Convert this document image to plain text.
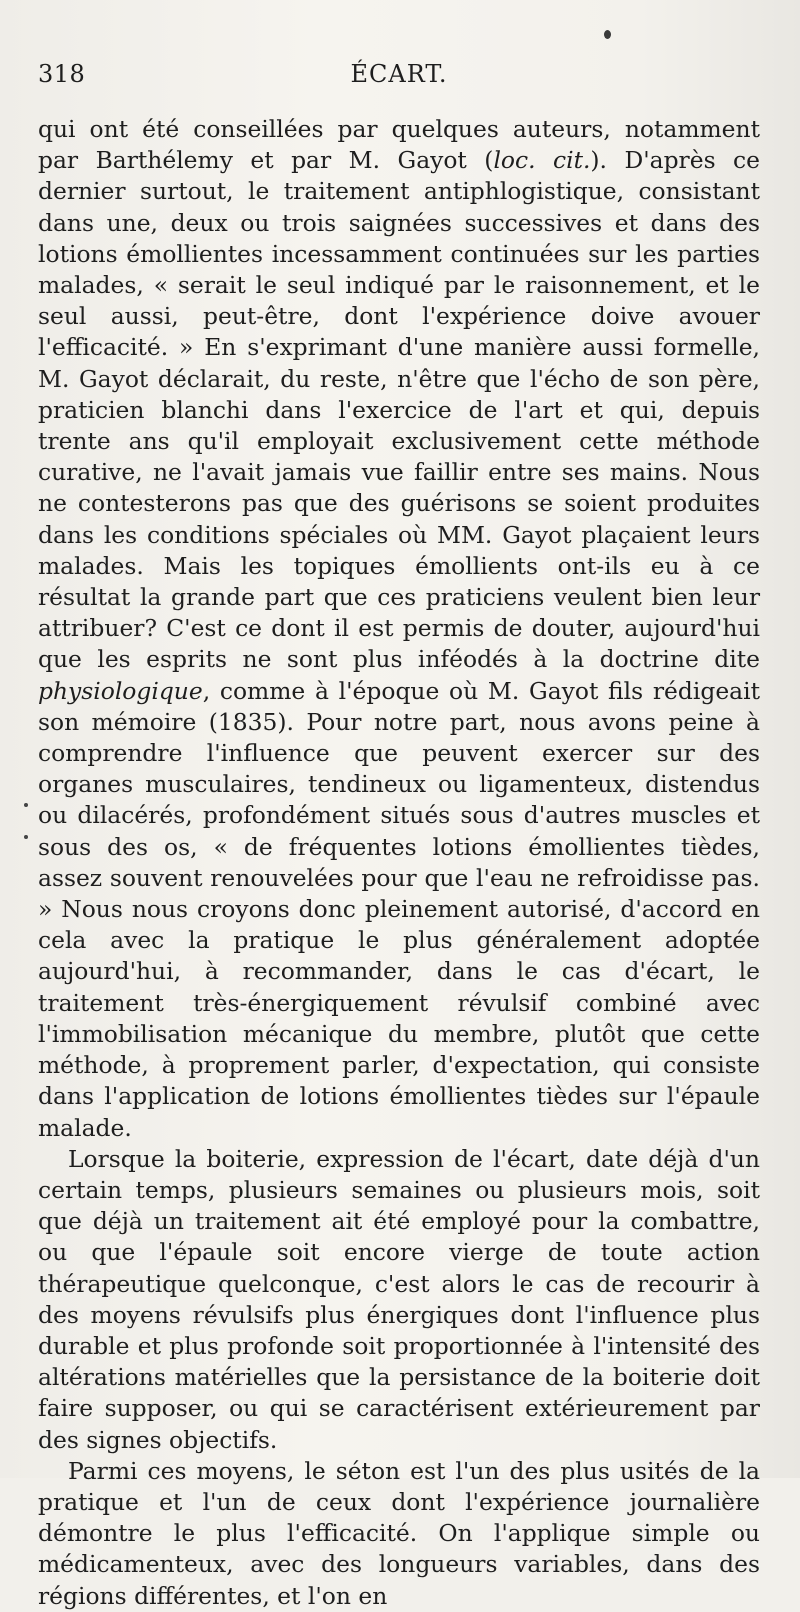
318	ÉCART.

qui ont été conseillées par quelques auteurs, notamment par Barthélemy et par M. Gayot (loc. cit.). D'après ce dernier surtout, le traitement antiphlogistique, consistant dans une, deux ou trois saignées successives et dans des lotions émollientes incessamment continuées sur les parties malades, « serait le seul indiqué par le raisonnement, et le seul aussi, peut-être, dont l'expérience doive avouer l'efficacité. » En s'exprimant d'une manière aussi formelle, M. Gayot déclarait, du reste, n'être que l'écho de son père, praticien blanchi dans l'exercice de l'art et qui, depuis trente ans qu'il employait exclusivement cette méthode curative, ne l'avait jamais vue faillir entre ses mains. Nous ne contesterons pas que des guérisons se soient produites dans les conditions spéciales où MM. Gayot plaçaient leurs malades. Mais les topiques émollients ont-ils eu à ce résultat la grande part que ces praticiens veulent bien leur attribuer? C'est ce dont il est permis de douter, aujourd'hui que les esprits ne sont plus inféodés à la doctrine dite physiologique, comme à l'époque où M. Gayot fils rédigeait son mémoire (1835). Pour notre part, nous avons peine à comprendre l'influence que peuvent exercer sur des organes musculaires, tendineux ou ligamenteux, distendus ou dilacérés, profondément situés sous d'autres muscles et sous des os, « de fréquentes lotions émollientes tièdes, assez souvent renouvelées pour que l'eau ne refroidisse pas. » Nous nous croyons donc pleinement autorisé, d'accord en cela avec la pratique le plus généralement adoptée aujourd'hui, à recommander, dans le cas d'écart, le traitement très-énergiquement révulsif combiné avec l'immobilisation mécanique du membre, plutôt que cette méthode, à proprement parler, d'expectation, qui consiste dans l'application de lotions émollientes tièdes sur l'épaule malade.

Lorsque la boiterie, expression de l'écart, date déjà d'un certain temps, plusieurs semaines ou plusieurs mois, soit que déjà un traitement ait été employé pour la combattre, ou que l'épaule soit encore vierge de toute action thérapeutique quelconque, c'est alors le cas de recourir à des moyens révulsifs plus énergiques dont l'influence plus durable et plus profonde soit proportionnée à l'intensité des altérations matérielles que la persistance de la boiterie doit faire supposer, ou qui se caractérisent extérieurement par des signes objectifs.

Parmi ces moyens, le séton est l'un des plus usités de la pratique et l'un de ceux dont l'expérience journalière démontre le plus l'efficacité. On l'applique simple ou médicamenteux, avec des longueurs variables, dans des régions différentes, et l'on en
